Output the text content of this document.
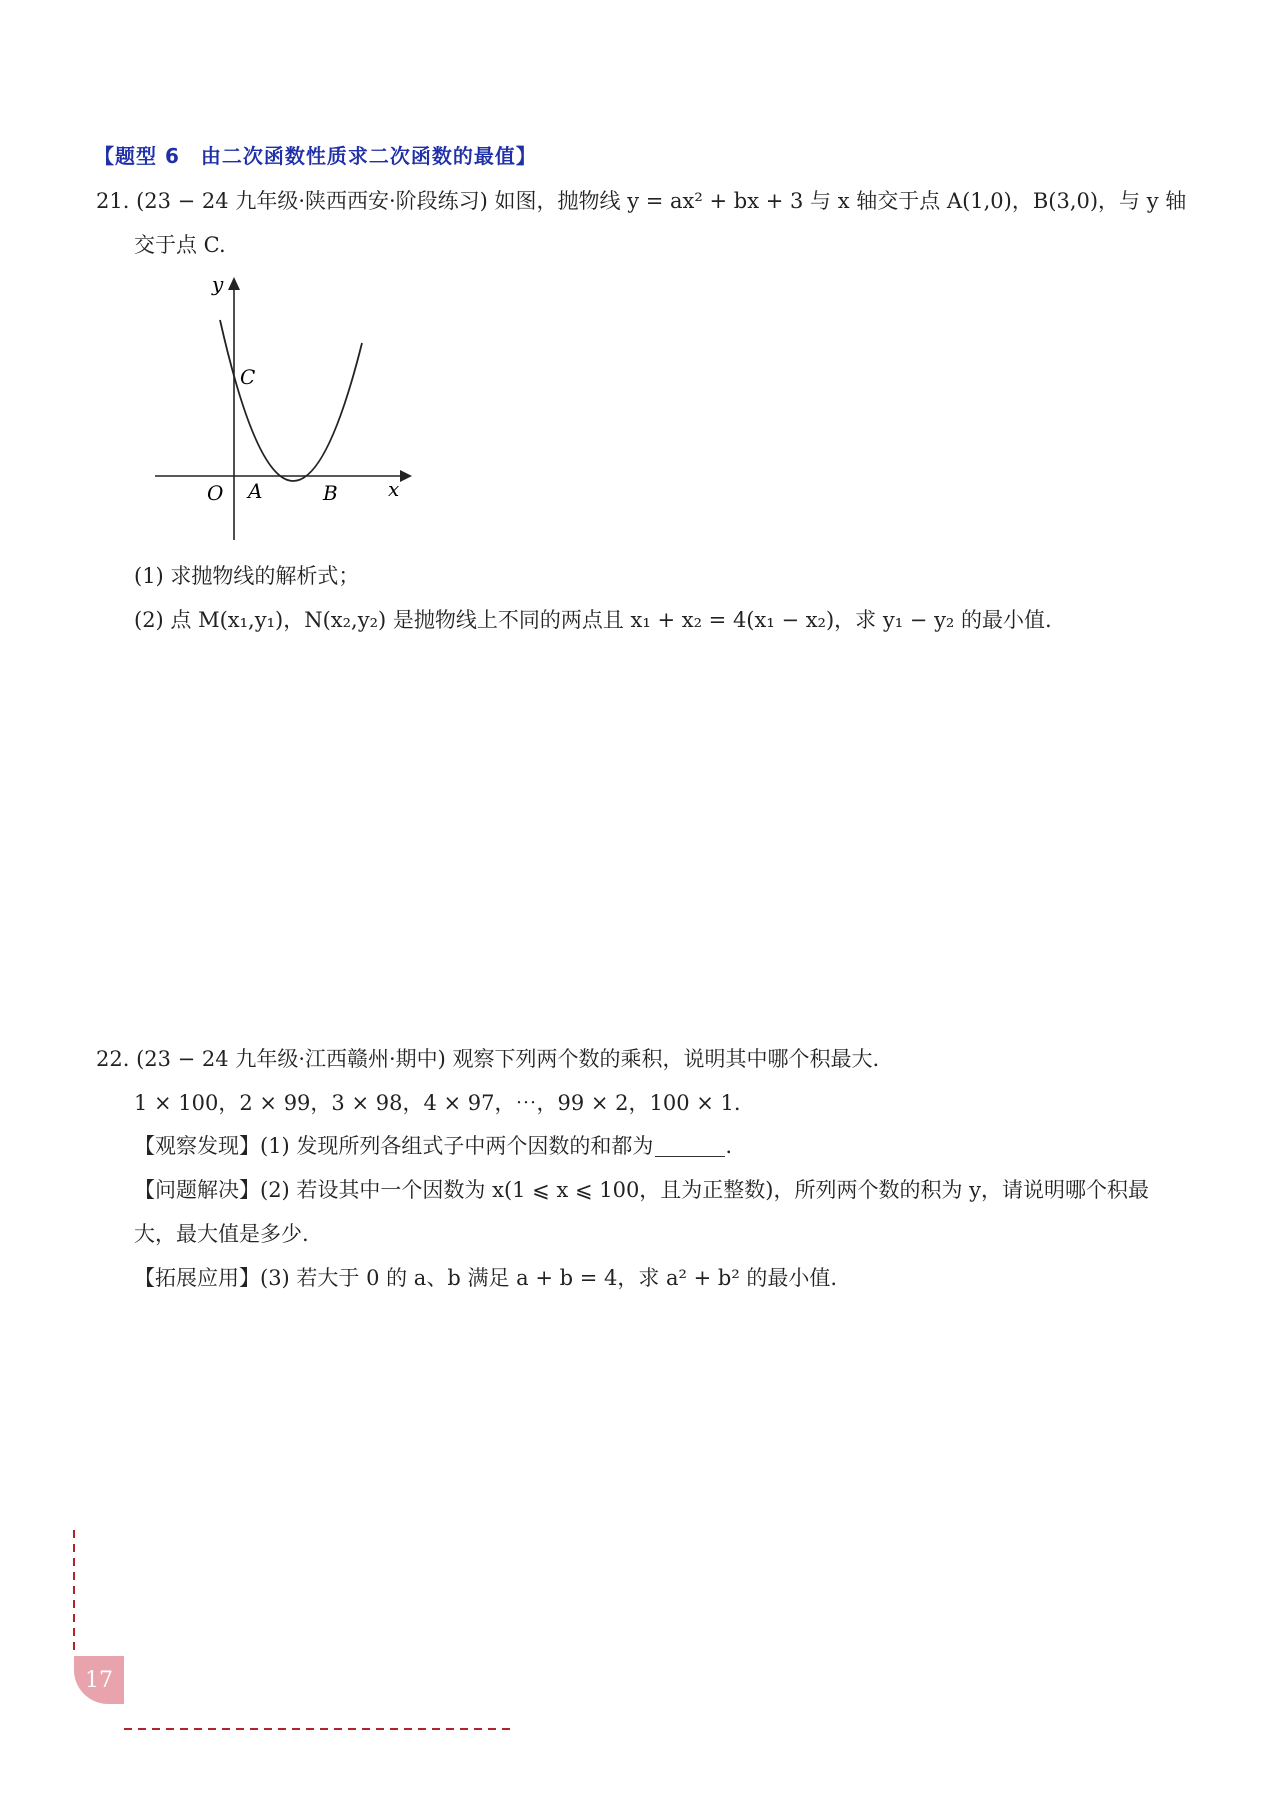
【题型 6　由二次函数性质求二次函数的最值】
21. (23 − 24 九年级·陕西西安·阶段练习) 如图，抛物线 y = ax² + bx + 3 与 x 轴交于点 A(1,0)，B(3,0)，与 y 轴
交于点 C.
y
x
O A	B
C
(1) 求抛物线的解析式；
(2) 点 M(x₁,y₁)，N(x₂,y₂) 是抛物线上不同的两点且 x₁ + x₂ = 4(x₁ − x₂)，求 y₁ − y₂ 的最小值.
22. (23 − 24 九年级·江西赣州·期中) 观察下列两个数的乘积，说明其中哪个积最大.
1 × 100，2 × 99，3 × 98，4 × 97，⋯，99 × 2，100 × 1.
【观察发现】(1) 发现所列各组式子中两个因数的和都为	.
【问题解决】(2) 若设其中一个因数为 x(1 ⩽ x ⩽ 100，且为正整数)，所列两个数的积为 y，请说明哪个积最
大，最大值是多少.
【拓展应用】(3) 若大于 0 的 a、b 满足 a + b = 4，求 a² + b² 的最小值.
17
